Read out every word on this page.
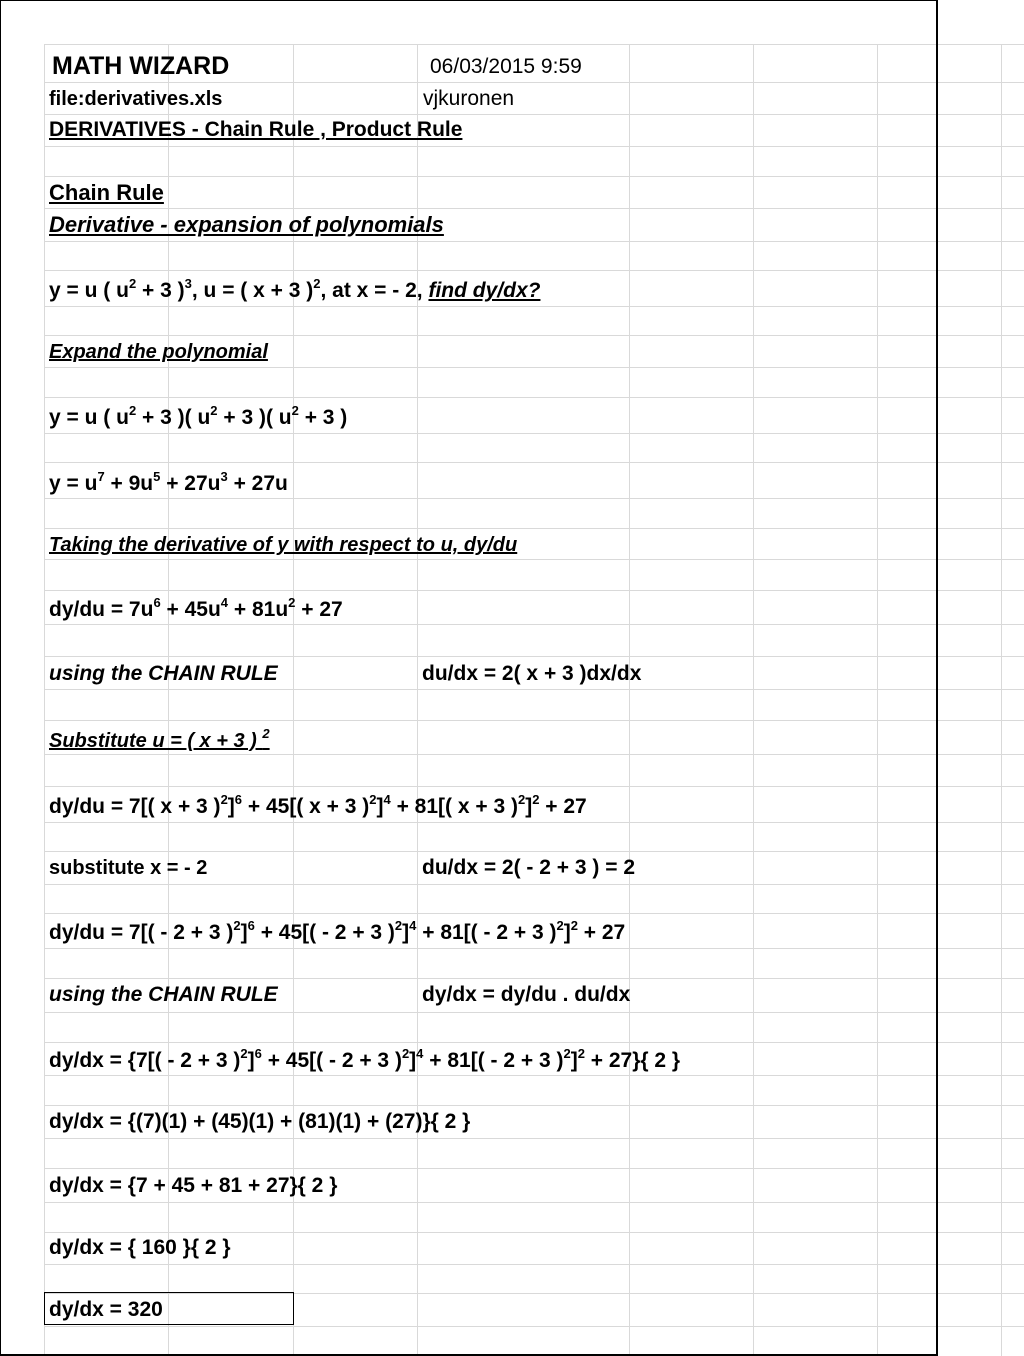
MATH WIZARD	06/03/2015 9:59
file:derivatives.xls	vjkuronen
DERIVATIVES - Chain Rule , Product Rule
Chain Rule
Derivative - expansion of polynomials
y = u ( $u^2 + 3$ )$^3$, u = ( x + 3 )$^2$, at x = - 2, find dy/dx?
Expand the polynomial
y = u ( $u^2 + 3$ )( $u^2 + 3$ )( $u^2 + 3$ )
$y = u^7 + 9u^5 + 27u^3 + 27u$
Taking the derivative of y with respect to u, dy/du
$dy/du = 7u^6 + 45u^4 + 81u^2 + 27$
using the CHAIN RULE	du/dx = 2( x + 3 )dx/dx
Substitute u = ( x + 3 ) $^2$
dy/du = 7[( x + 3 )$^2$]$^6$ + 45[( x + 3 )$^2$]$^4$ + 81[( x + 3 )$^2$]$^2$ + 27
substitute x = - 2	du/dx = 2( - 2 + 3 ) = 2
dy/du = 7[( - 2 + 3 )$^2$]$^6$ + 45[( - 2 + 3 )$^2$]$^4$ + 81[( - 2 + 3 )$^2$]$^2$ + 27
using the CHAIN RULE	dy/dx = dy/du . du/dx
dy/dx = {7[( - 2 + 3 )$^2$]$^6$ + 45[( - 2 + 3 )$^2$]$^4$ + 81[( - 2 + 3 )$^2$]$^2$ + 27}{ 2 }
dy/dx = {(7)(1) + (45)(1) + (81)(1) + (27)}{ 2 }
dy/dx = {7 + 45 + 81 + 27}{ 2 }
dy/dx = { 160 }{ 2 }
dy/dx = 320
